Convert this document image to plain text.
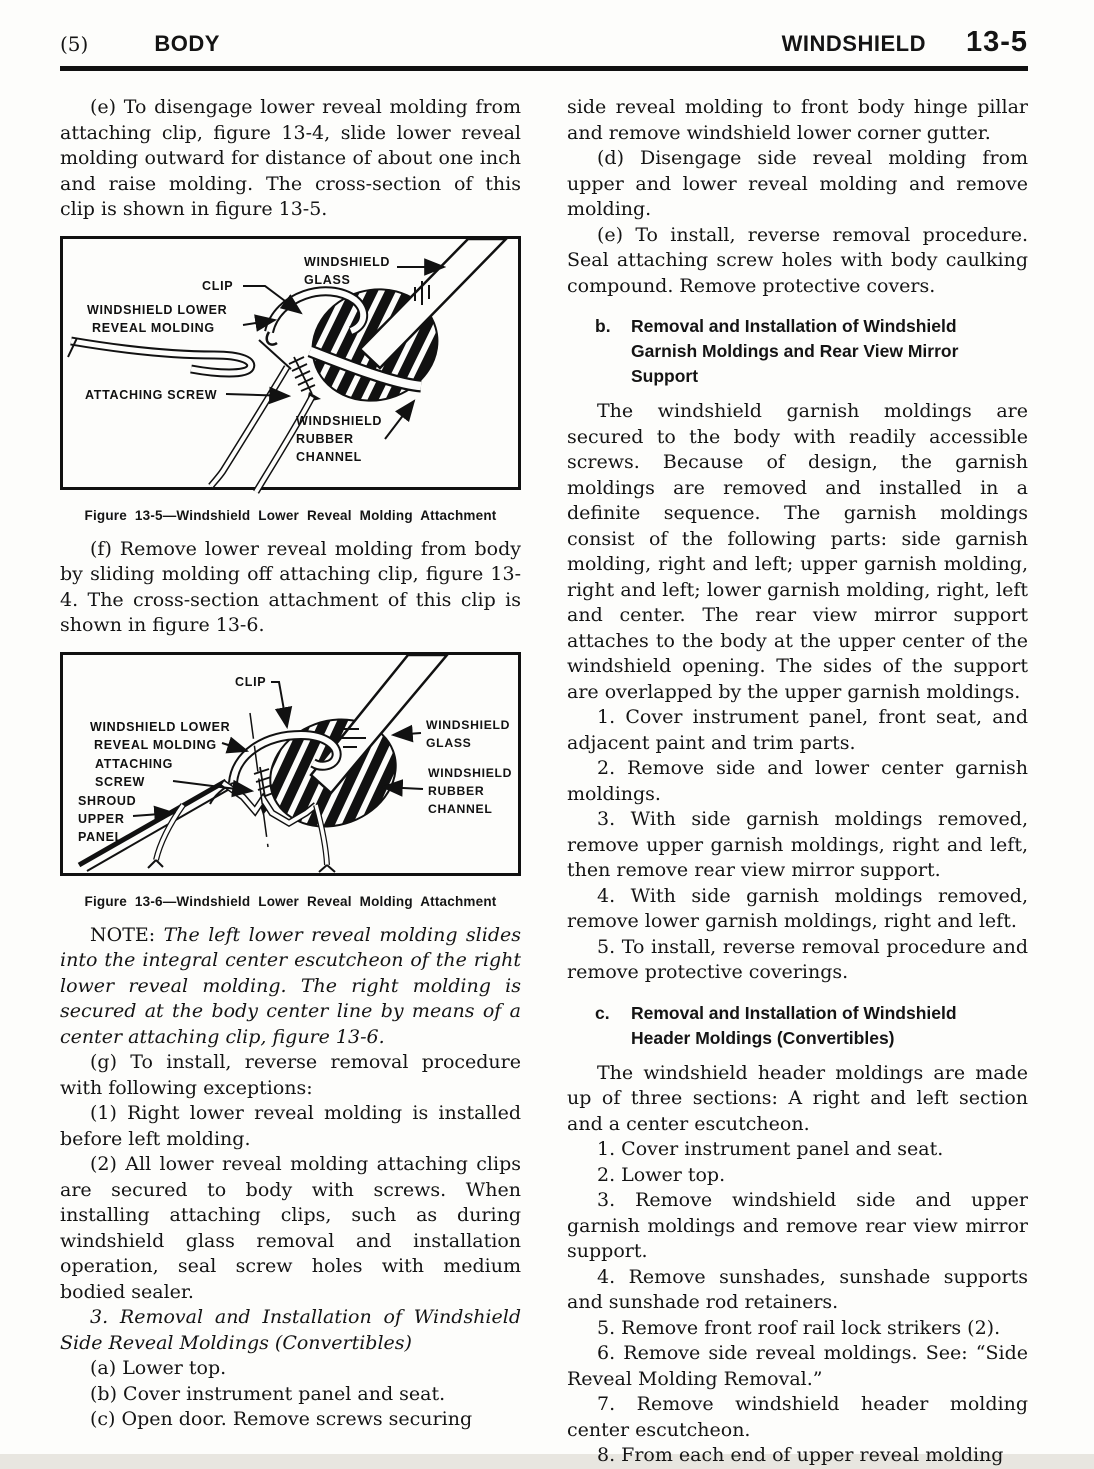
(5)	BODY	WINDSHIELD 13-5

(e) To disengage lower reveal molding from attaching clip, figure 13-4, slide lower reveal molding outward for distance of about one inch and raise molding. The cross-section of this clip is shown in figure 13-5.

WINDSHIELD
GLASS
CLIP
WINDSHIELD LOWER
REVEAL MOLDING
ATTACHING SCREW
WINDSHIELD
RUBBER
CHANNEL
Figure 13-5—Windshield Lower Reveal Molding Attachment

(f) Remove lower reveal molding from body by sliding molding off attaching clip, figure 13-4. The cross-section attachment of this clip is shown in figure 13-6.

CLIP
WINDSHIELD LOWER
REVEAL MOLDING
ATTACHING
SCREW
SHROUD
UPPER
PANEL
WINDSHIELD
GLASS
WINDSHIELD
RUBBER
CHANNEL
Figure 13-6—Windshield Lower Reveal Molding Attachment

NOTE: The left lower reveal molding slides into the integral center escutcheon of the right lower reveal molding. The right molding is secured at the body center line by means of a center attaching clip, figure 13-6.

(g) To install, reverse removal procedure with following exceptions:

(1) Right lower reveal molding is installed before left molding.

(2) All lower reveal molding attaching clips are secured to body with screws. When installing attaching clips, such as during windshield glass removal and installation operation, seal screw holes with medium bodied sealer.

3. Removal and Installation of Windshield Side Reveal Moldings (Convertibles)

(a) Lower top.

(b) Cover instrument panel and seat.

(c) Open door. Remove screws securing

side reveal molding to front body hinge pillar and remove windshield lower corner gutter.

(d) Disengage side reveal molding from upper and lower reveal molding and remove molding.

(e) To install, reverse removal procedure. Seal attaching screw holes with body caulking compound. Remove protective covers.

b.	Removal and Installation of Windshield Garnish Moldings and Rear View Mirror Support

The windshield garnish moldings are secured to the body with readily accessible screws. Because of design, the garnish moldings are removed and installed in a definite sequence. The garnish moldings consist of the following parts: side garnish molding, right and left; upper garnish molding, right and left; lower garnish molding, right, left and center. The rear view mirror support attaches to the body at the upper center of the windshield opening. The sides of the support are overlapped by the upper garnish moldings.

1. Cover instrument panel, front seat, and adjacent paint and trim parts.

2. Remove side and lower center garnish moldings.

3. With side garnish moldings removed, remove upper garnish moldings, right and left, then remove rear view mirror support.

4. With side garnish moldings removed, remove lower garnish moldings, right and left.

5. To install, reverse removal procedure and remove protective coverings.

c.	Removal and Installation of Windshield Header Moldings (Convertibles)

The windshield header moldings are made up of three sections: A right and left section and a center escutcheon.

1. Cover instrument panel and seat.

2. Lower top.

3. Remove windshield side and upper garnish moldings and remove rear view mirror support.

4. Remove sunshades, sunshade supports and sunshade rod retainers.

5. Remove front roof rail lock strikers (2).

6. Remove side reveal moldings. See: “Side Reveal Molding Removal.”

7. Remove windshield header molding center escutcheon.

8. From each end of upper reveal molding
